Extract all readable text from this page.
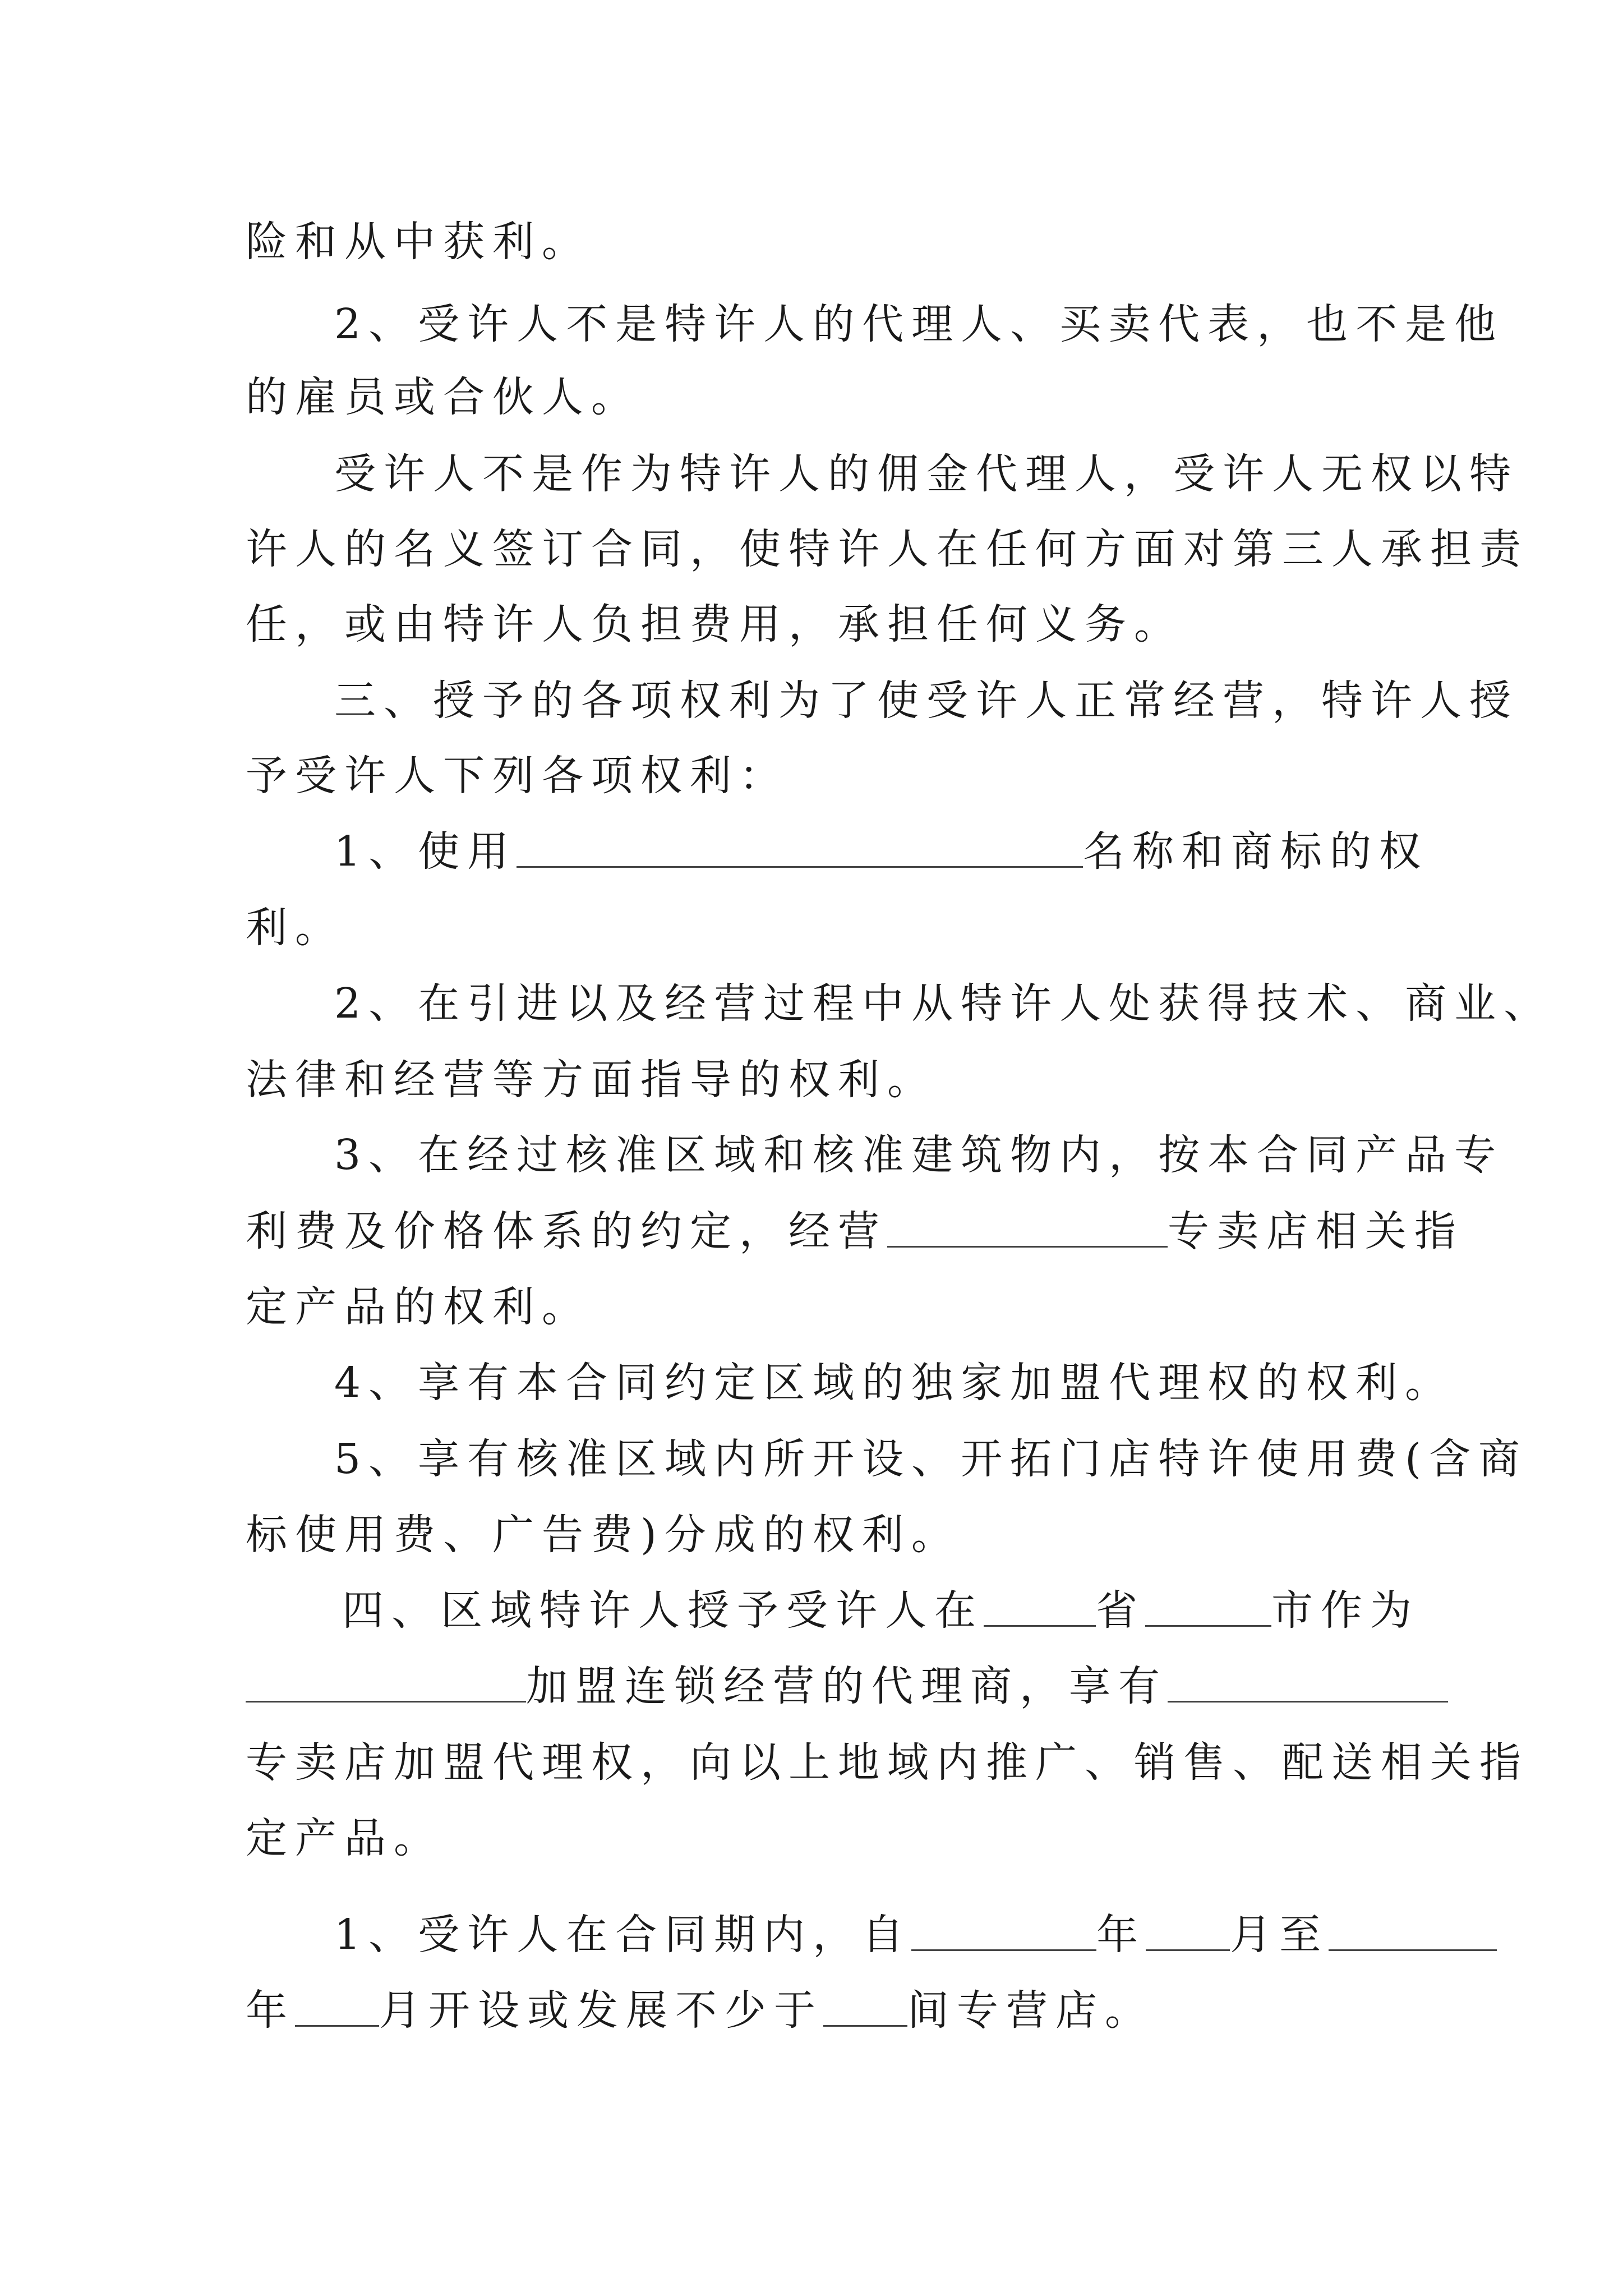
险和从中获利。
2、受许人不是特许人的代理人、买卖代表，也不是他
的雇员或合伙人。
受许人不是作为特许人的佣金代理人，受许人无权以特
许人的名义签订合同，使特许人在任何方面对第三人承担责
任，或由特许人负担费用，承担任何义务。
三、授予的各项权利为了使受许人正常经营，特许人授
予受许人下列各项权利：
1、使用	名称和商标的权
利。
2、在引进以及经营过程中从特许人处获得技术、商业、
法律和经营等方面指导的权利。
3、在经过核准区域和核准建筑物内，按本合同产品专
利费及价格体系的约定，经营	专卖店相关指
定产品的权利。
4、享有本合同约定区域的独家加盟代理权的权利。
5、享有核准区域内所开设、开拓门店特许使用费(含商
标使用费、广告费)分成的权利。
四、区域特许人授予受许人在	省	市作为
加盟连锁经营的代理商，享有
专卖店加盟代理权，向以上地域内推广、销售、配送相关指
定产品。
1、受许人在合同期内，自	年 月至
年 月开设或发展不少于 间专营店。
